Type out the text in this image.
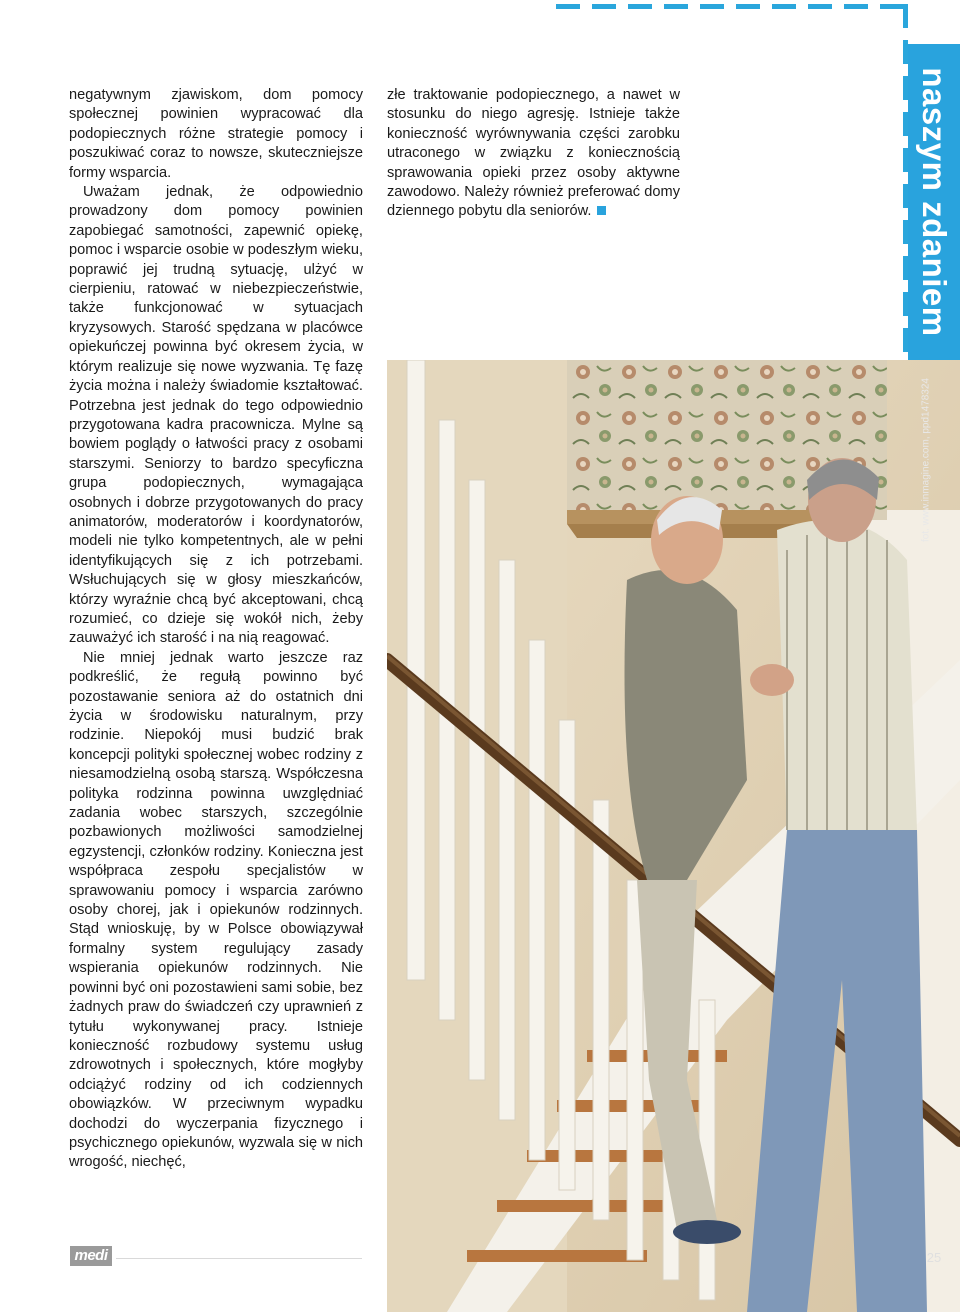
naszym zdaniem

negatywnym zjawiskom, dom pomocy społecznej powinien wypracować dla podopiecznych różne strategie pomocy i poszukiwać coraz to nowsze, skuteczniejsze formy wsparcia.

Uważam jednak, że odpowiednio prowadzony dom pomocy powinien zapobiegać samotności, zapewnić opiekę, pomoc i wsparcie osobie w podeszłym wieku, poprawić jej trudną sytuację, ulżyć w cierpieniu, ratować w niebezpieczeństwie, także funkcjonować w sytuacjach kryzysowych. Starość spędzana w placówce opiekuńczej powinna być okresem życia, w którym realizuje się nowe wyzwania. Tę fazę życia można i należy świadomie kształtować. Potrzebna jest jednak do tego odpowiednio przygotowana kadra pracownicza. Mylne są bowiem poglądy o łatwości pracy z osobami starszymi. Seniorzy to bardzo specyficzna grupa podopiecznych, wymagająca osobnych i dobrze przygotowanych do pracy animatorów, moderatorów i koordynatorów, modeli nie tylko kompetentnych, ale w pełni identyfikujących się z ich potrzebami. Wsłuchujących się w głosy mieszkańców, którzy wyraźnie chcą być akceptowani, chcą rozumieć, co dzieje się wokół nich, żeby zauważyć ich starość i na nią reagować.

Nie mniej jednak warto jeszcze raz podkreślić, że regułą powinno być pozostawanie seniora aż do ostatnich dni życia w środowisku naturalnym, przy rodzinie. Niepokój musi budzić brak koncepcji polityki społecznej wobec rodziny z niesamodzielną osobą starszą. Współczesna polityka rodzinna powinna uwzględniać zadania wobec starszych, szczególnie pozbawionych możliwości samodzielnej egzystencji, członków rodziny. Konieczna jest współpraca zespołu specjalistów w sprawowaniu pomocy i wsparcia zarówno osoby chorej, jak i opiekunów rodzinnych. Stąd wnioskuję, by w Polsce obowiązywał formalny system regulujący zasady wspierania opiekunów rodzinnych. Nie powinni być oni pozostawieni sami sobie, bez żadnych praw do świadczeń czy uprawnień z tytułu wykonywanej pracy. Istnieje konieczność rozbudowy systemu usług zdrowotnych i społecznych, które mogłyby odciążyć rodziny od ich codziennych obowiązków. W przeciwnym wypadku dochodzi do wyczerpania fizycznego i psychicznego opiekunów, wyzwala się w nich wrogość, niechęć,

złe traktowanie podopiecznego, a nawet w stosunku do niego agresję. Istnieje także konieczność wyrównywania części zarobku utraconego w związku z koniecznością sprawowania opieki przez osoby aktywne zawodowo. Należy również preferować domy dziennego pobytu dla seniorów.

fot. www.inmagine.com, ppd1478324
medi	25
